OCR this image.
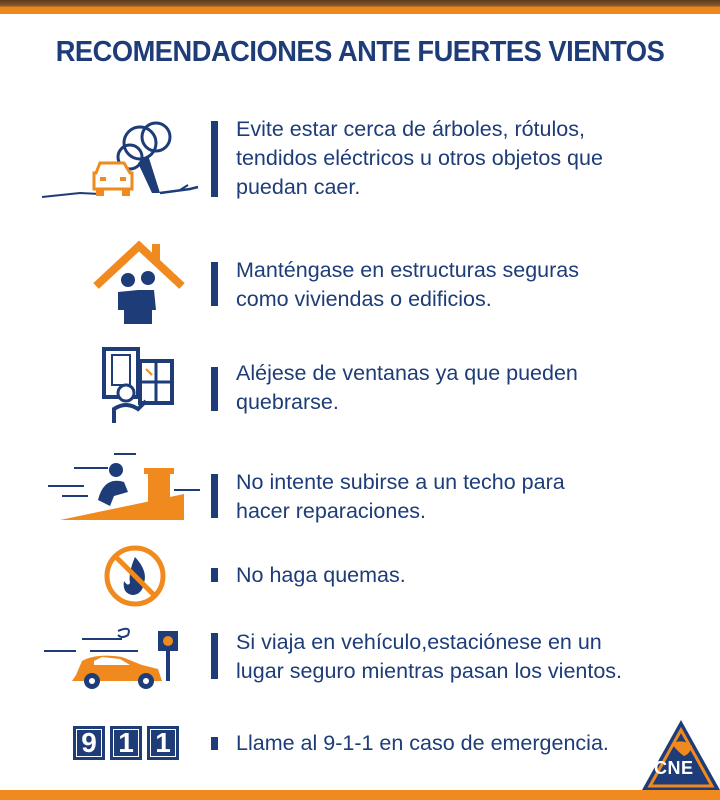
RECOMENDACIONES ANTE FUERTES VIENTOS
Evite estar cerca de árboles, rótulos,
tendidos eléctricos u otros objetos que
puedan caer.
Manténgase en estructuras seguras
como viviendas o edificios.
Aléjese de ventanas ya que pueden
quebrarse.
No intente subirse a un techo para
hacer reparaciones.
No haga quemas.
Si viaja en vehículo,estaciónese en un
lugar seguro mientras pasan los vientos.
9 1 1	Llame al 9-1-1 en caso de emergencia.
CNE
